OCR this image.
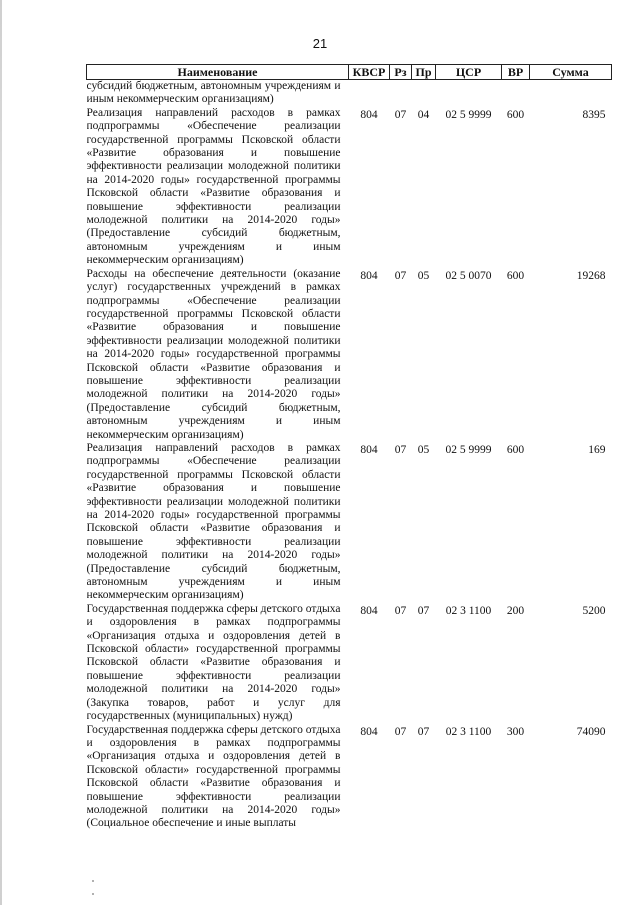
21
Наименование	КВСР	Рз	Пр	ЦСР	ВР	Сумма
субсидий бюджетным, автономным учреждениям и иным некоммерческим организациям)						
Реализация направлений расходов в рамках подпрограммы «Обеспечение реализации государственной программы Псковской области «Развитие образования и повышение эффективности реализации молодежной политики на 2014-2020 годы» государственной программы Псковской области «Развитие образования и повышение эффективности реализации молодежной политики на 2014-2020 годы» (Предоставление субсидий бюджетным, автономным учреждениям и иным некоммерческим организациям)	804	07	04	02 5 9999	600	8395
Расходы на обеспечение деятельности (оказание услуг) государственных учреждений в рамках подпрограммы «Обеспечение реализации государственной программы Псковской области «Развитие образования и повышение эффективности реализации молодежной политики на 2014-2020 годы» государственной программы Псковской области «Развитие образования и повышение эффективности реализации молодежной политики на 2014-2020 годы» (Предоставление субсидий бюджетным, автономным учреждениям и иным некоммерческим организациям)	804	07	05	02 5 0070	600	19268
Реализация направлений расходов в рамках подпрограммы «Обеспечение реализации государственной программы Псковской области «Развитие образования и повышение эффективности реализации молодежной политики на 2014-2020 годы» государственной программы Псковской области «Развитие образования и повышение эффективности реализации молодежной политики на 2014-2020 годы» (Предоставление субсидий бюджетным, автономным учреждениям и иным некоммерческим организациям)	804	07	05	02 5 9999	600	169
Государственная поддержка сферы детского отдыха и оздоровления в рамках подпрограммы «Организация отдыха и оздоровления детей в Псковской области» государственной программы Псковской области «Развитие образования и повышение эффективности реализации молодежной политики на 2014-2020 годы» (Закупка товаров, работ и услуг для государственных (муниципальных) нужд)	804	07	07	02 3 1100	200	5200
Государственная поддержка сферы детского отдыха и оздоровления в рамках подпрограммы «Организация отдыха и оздоровления детей в Псковской области» государственной программы Псковской области «Развитие образования и повышение эффективности реализации молодежной политики на 2014-2020 годы» (Социальное обеспечение и иные выплаты	804	07	07	02 3 1100	300	74090
